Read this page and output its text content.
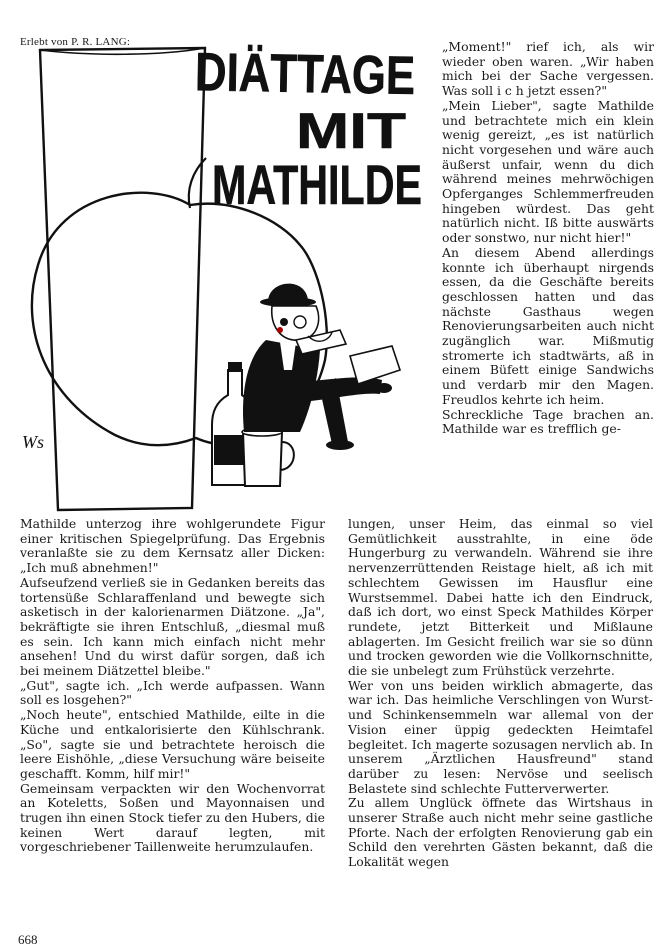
Erlebt von P. R. LANG:
DIÄTTAGE
MIT
MATHILDE
Ws

„Moment!" rief ich, als wir wieder oben waren. „Wir haben mich bei der Sache vergessen. Was soll i c h jetzt essen?"

„Mein Lieber", sagte Mathilde und betrachtete mich ein klein wenig gereizt, „es ist natürlich nicht vorgesehen und wäre auch äußerst unfair, wenn du dich während meines mehrwöchigen Opferganges Schlemmerfreuden hingeben würdest. Das geht natürlich nicht. Iß bitte auswärts oder sonstwo, nur nicht hier!"

An diesem Abend allerdings konnte ich überhaupt nirgends essen, da die Geschäfte bereits geschlossen hatten und das nächste Gasthaus wegen Renovierungsarbeiten auch nicht zugänglich war. Mißmutig stromerte ich stadtwärts, aß in einem Büfett einige Sandwichs und verdarb mir den Magen. Freudlos kehrte ich heim.

Schreckliche Tage brachen an. Mathilde war es trefflich ge-

Mathilde unterzog ihre wohlgerundete Figur einer kritischen Spiegelprüfung. Das Ergebnis veranlaßte sie zu dem Kernsatz aller Dicken: „Ich muß abnehmen!"

Aufseufzend verließ sie in Gedanken bereits das tortensüße Schlaraffenland und bewegte sich asketisch in der kalorienarmen Diätzone. „Ja", bekräftigte sie ihren Entschluß, „diesmal muß es sein. Ich kann mich einfach nicht mehr ansehen! Und du wirst dafür sorgen, daß ich bei meinem Diätzettel bleibe."

„Gut", sagte ich. „Ich werde aufpassen. Wann soll es losgehen?"

„Noch heute", entschied Mathilde, eilte in die Küche und entkalorisierte den Kühlschrank. „So", sagte sie und betrachtete heroisch die leere Eishöhle, „diese Versuchung wäre beiseite geschafft. Komm, hilf mir!"

Gemeinsam verpackten wir den Wochenvorrat an Koteletts, Soßen und Mayonnaisen und trugen ihn einen Stock tiefer zu den Hubers, die keinen Wert darauf legten, mit vorgeschriebener Taillenweite herumzulaufen.

lungen, unser Heim, das einmal so viel Gemütlichkeit ausstrahlte, in eine öde Hungerburg zu verwandeln. Während sie ihre nervenzerrüttenden Reistage hielt, aß ich mit schlechtem Gewissen im Hausflur eine Wurstsemmel. Dabei hatte ich den Eindruck, daß ich dort, wo einst Speck Mathildes Körper rundete, jetzt Bitterkeit und Mißlaune ablagerten. Im Gesicht freilich war sie so dünn und trocken geworden wie die Vollkornschnitte, die sie unbelegt zum Frühstück verzehrte.

Wer von uns beiden wirklich abmagerte, das war ich. Das heimliche Verschlingen von Wurst- und Schinkensemmeln war allemal von der Vision einer üppig gedeckten Heimtafel begleitet. Ich magerte sozusagen nervlich ab. In unserem „Ärztlichen Hausfreund" stand darüber zu lesen: Nervöse und seelisch Belastete sind schlechte Futterverwerter.

Zu allem Unglück öffnete das Wirtshaus in unserer Straße auch nicht mehr seine gastliche Pforte. Nach der erfolgten Renovierung gab ein Schild den verehrten Gästen bekannt, daß die Lokalität wegen

668
